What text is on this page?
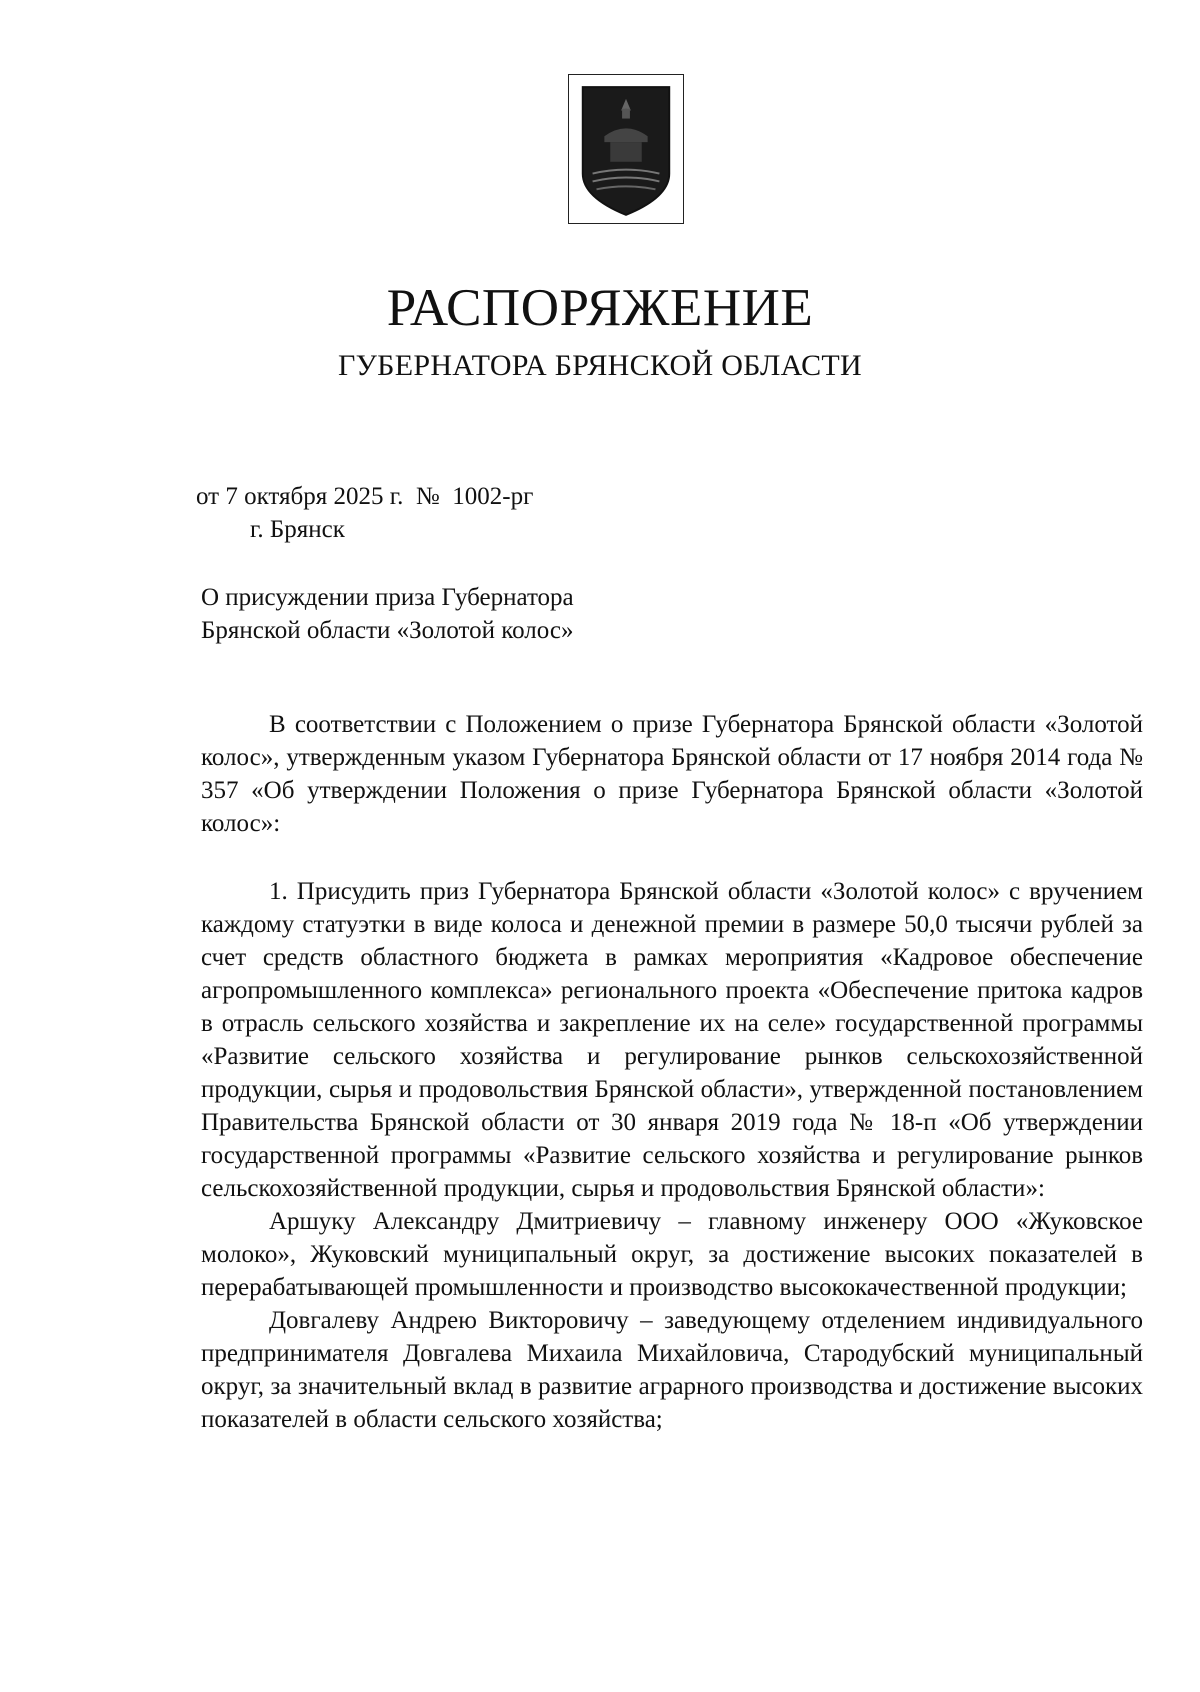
РАСПОРЯЖЕНИЕ
ГУБЕРНАТОРА БРЯНСКОЙ ОБЛАСТИ
от 7 октября 2025 г.  №  1002-рг
г. Брянск
О присуждении приза Губернатора
Брянской области «Золотой колос»

В соответствии с Положением о призе Губернатора Брянской области «Золотой колос», утвержденным указом Губернатора Брянской области от 17 ноября 2014 года № 357 «Об утверждении Положения о призе Губернатора Брянской области «Золотой колос»:

1. Присудить приз Губернатора Брянской области «Золотой колос» с вручением каждому статуэтки в виде колоса и денежной премии в размере 50,0 тысячи рублей за счет средств областного бюджета в рамках мероприятия «Кадровое обеспечение агропромышленного комплекса» регионального проекта «Обеспечение притока кадров в отрасль сельского хозяйства и закрепление их на селе» государственной программы «Развитие сельского хозяйства и регулирование рынков сельскохозяйственной продукции, сырья и продовольствия Брянской области», утвержденной постановлением Правительства Брянской области от 30 января 2019 года № 18-п «Об утверждении государственной программы «Развитие сельского хозяйства и регулирование рынков сельскохозяйственной продукции, сырья и продовольствия Брянской области»:

Аршуку Александру Дмитриевичу – главному инженеру ООО «Жуковское молоко», Жуковский муниципальный округ, за достижение высоких показателей в перерабатывающей промышленности и производство высококачественной продукции;

Довгалеву Андрею Викторовичу – заведующему отделением индивидуального предпринимателя Довгалева Михаила Михайловича, Стародубский муниципальный округ, за значительный вклад в развитие аграрного производства и достижение высоких показателей в области сельского хозяйства;
